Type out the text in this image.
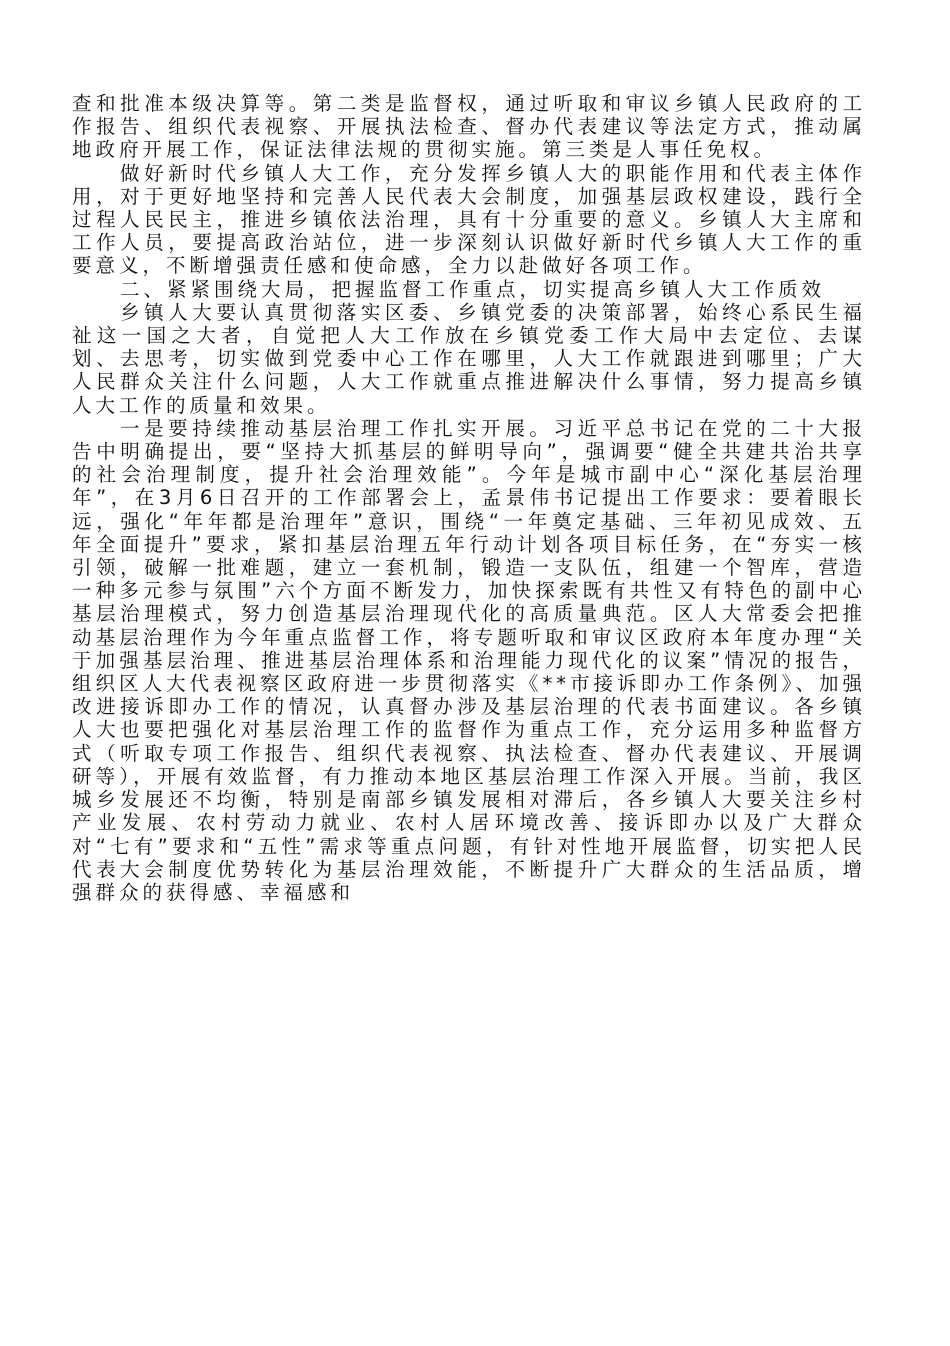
查和批准本级决算等。第二类是监督权，通过听取和审议乡镇人民政府的工作报告、组织代表视察、开展执法检查、督办代表建议等法定方式，推动属地政府开展工作，保证法律法规的贯彻实施。第三类是人事任免权。

做好新时代乡镇人大工作，充分发挥乡镇人大的职能作用和代表主体作用，对于更好地坚持和完善人民代表大会制度，加强基层政权建设，践行全过程人民民主，推进乡镇依法治理，具有十分重要的意义。乡镇人大主席和工作人员，要提高政治站位，进一步深刻认识做好新时代乡镇人大工作的重要意义，不断增强责任感和使命感，全力以赴做好各项工作。

二、紧紧围绕大局，把握监督工作重点，切实提高乡镇人大工作质效

乡镇人大要认真贯彻落实区委、乡镇党委的决策部署，始终心系民生福祉这一国之大者，自觉把人大工作放在乡镇党委工作大局中去定位、去谋划、去思考，切实做到党委中心工作在哪里，人大工作就跟进到哪里；广大人民群众关注什么问题，人大工作就重点推进解决什么事情，努力提高乡镇人大工作的质量和效果。

一是要持续推动基层治理工作扎实开展。习近平总书记在党的二十大报告中明确提出，要“坚持大抓基层的鲜明导向”，强调要“健全共建共治共享的社会治理制度，提升社会治理效能”。今年是城市副中心“深化基层治理年”，在3月6日召开的工作部署会上，孟景伟书记提出工作要求：要着眼长远，强化“年年都是治理年”意识，围绕“一年奠定基础、三年初见成效、五年全面提升”要求，紧扣基层治理五年行动计划各项目标任务，在“夯实一核引领，破解一批难题，建立一套机制，锻造一支队伍，组建一个智库，营造一种多元参与氛围”六个方面不断发力，加快探索既有共性又有特色的副中心基层治理模式，努力创造基层治理现代化的高质量典范。区人大常委会把推动基层治理作为今年重点监督工作，将专题听取和审议区政府本年度办理“关于加强基层治理、推进基层治理体系和治理能力现代化的议案”情况的报告，组织区人大代表视察区政府进一步贯彻落实《**市接诉即办工作条例》、加强改进接诉即办工作的情况，认真督办涉及基层治理的代表书面建议。各乡镇人大也要把强化对基层治理工作的监督作为重点工作，充分运用多种监督方式（听取专项工作报告、组织代表视察、执法检查、督办代表建议、开展调研等），开展有效监督，有力推动本地区基层治理工作深入开展。当前，我区城乡发展还不均衡，特别是南部乡镇发展相对滞后，各乡镇人大要关注乡村产业发展、农村劳动力就业、农村人居环境改善、接诉即办以及广大群众对“七有”要求和“五性”需求等重点问题，有针对性地开展监督，切实把人民代表大会制度优势转化为基层治理效能，不断提升广大群众的生活品质，增强群众的获得感、幸福感和
